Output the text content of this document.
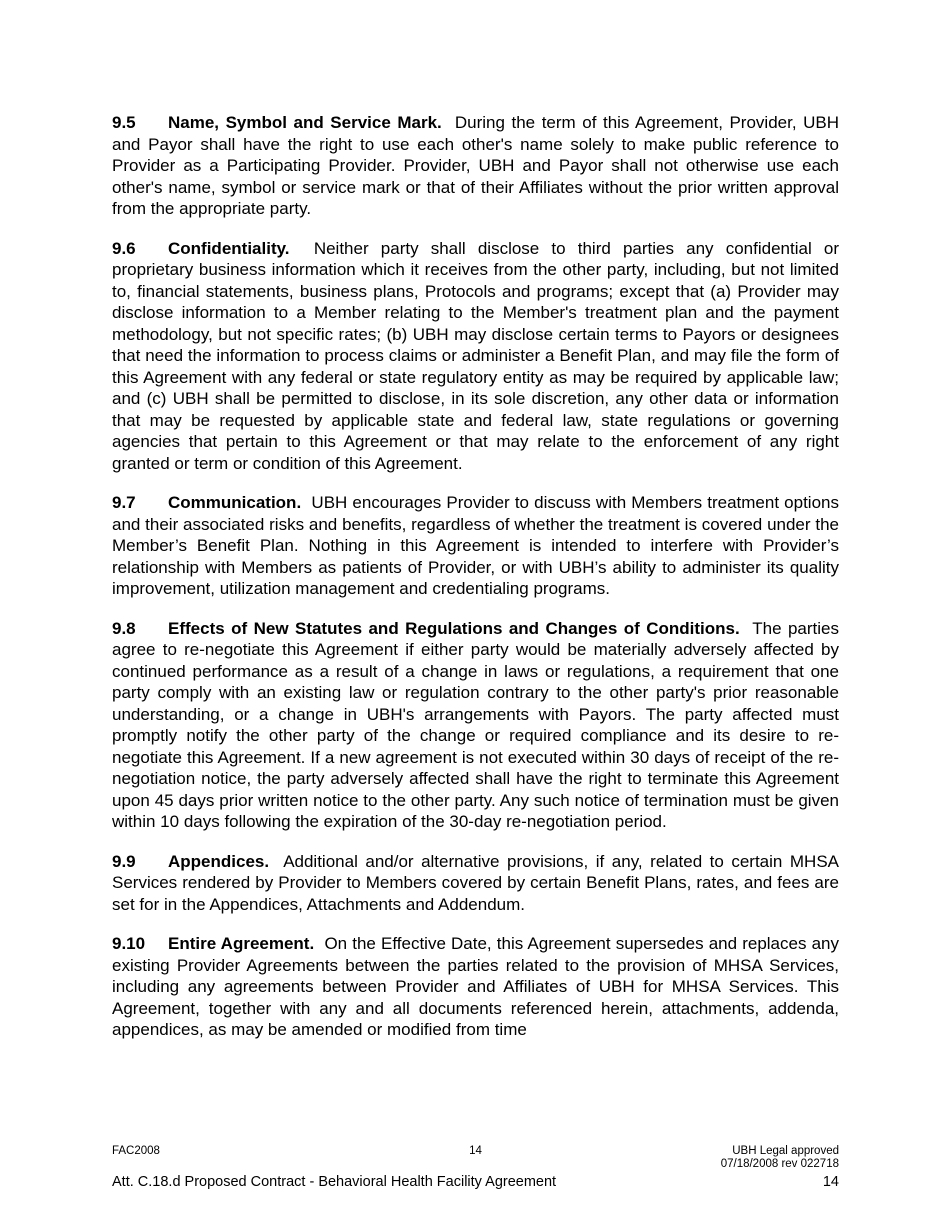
9.5 Name, Symbol and Service Mark. During the term of this Agreement, Provider, UBH and Payor shall have the right to use each other's name solely to make public reference to Provider as a Participating Provider. Provider, UBH and Payor shall not otherwise use each other's name, symbol or service mark or that of their Affiliates without the prior written approval from the appropriate party.

9.6 Confidentiality. Neither party shall disclose to third parties any confidential or proprietary business information which it receives from the other party, including, but not limited to, financial statements, business plans, Protocols and programs; except that (a) Provider may disclose information to a Member relating to the Member's treatment plan and the payment methodology, but not specific rates; (b) UBH may disclose certain terms to Payors or designees that need the information to process claims or administer a Benefit Plan, and may file the form of this Agreement with any federal or state regulatory entity as may be required by applicable law; and (c) UBH shall be permitted to disclose, in its sole discretion, any other data or information that may be requested by applicable state and federal law, state regulations or governing agencies that pertain to this Agreement or that may relate to the enforcement of any right granted or term or condition of this Agreement.

9.7 Communication. UBH encourages Provider to discuss with Members treatment options and their associated risks and benefits, regardless of whether the treatment is covered under the Member’s Benefit Plan. Nothing in this Agreement is intended to interfere with Provider’s relationship with Members as patients of Provider, or with UBH’s ability to administer its quality improvement, utilization management and credentialing programs.

9.8 Effects of New Statutes and Regulations and Changes of Conditions. The parties agree to re-negotiate this Agreement if either party would be materially adversely affected by continued performance as a result of a change in laws or regulations, a requirement that one party comply with an existing law or regulation contrary to the other party's prior reasonable understanding, or a change in UBH's arrangements with Payors. The party affected must promptly notify the other party of the change or required compliance and its desire to re-negotiate this Agreement. If a new agreement is not executed within 30 days of receipt of the re-negotiation notice, the party adversely affected shall have the right to terminate this Agreement upon 45 days prior written notice to the other party. Any such notice of termination must be given within 10 days following the expiration of the 30-day re-negotiation period.

9.9 Appendices. Additional and/or alternative provisions, if any, related to certain MHSA Services rendered by Provider to Members covered by certain Benefit Plans, rates, and fees are set for in the Appendices, Attachments and Addendum.

9.10 Entire Agreement. On the Effective Date, this Agreement supersedes and replaces any existing Provider Agreements between the parties related to the provision of MHSA Services, including any agreements between Provider and Affiliates of UBH for MHSA Services. This Agreement, together with any and all documents referenced herein, attachments, addenda, appendices, as may be amended or modified from time

FAC2008	14	UBH Legal approved
07/18/2008 rev 022718
Att. C.18.d Proposed Contract - Behavioral Health Facility Agreement	14
